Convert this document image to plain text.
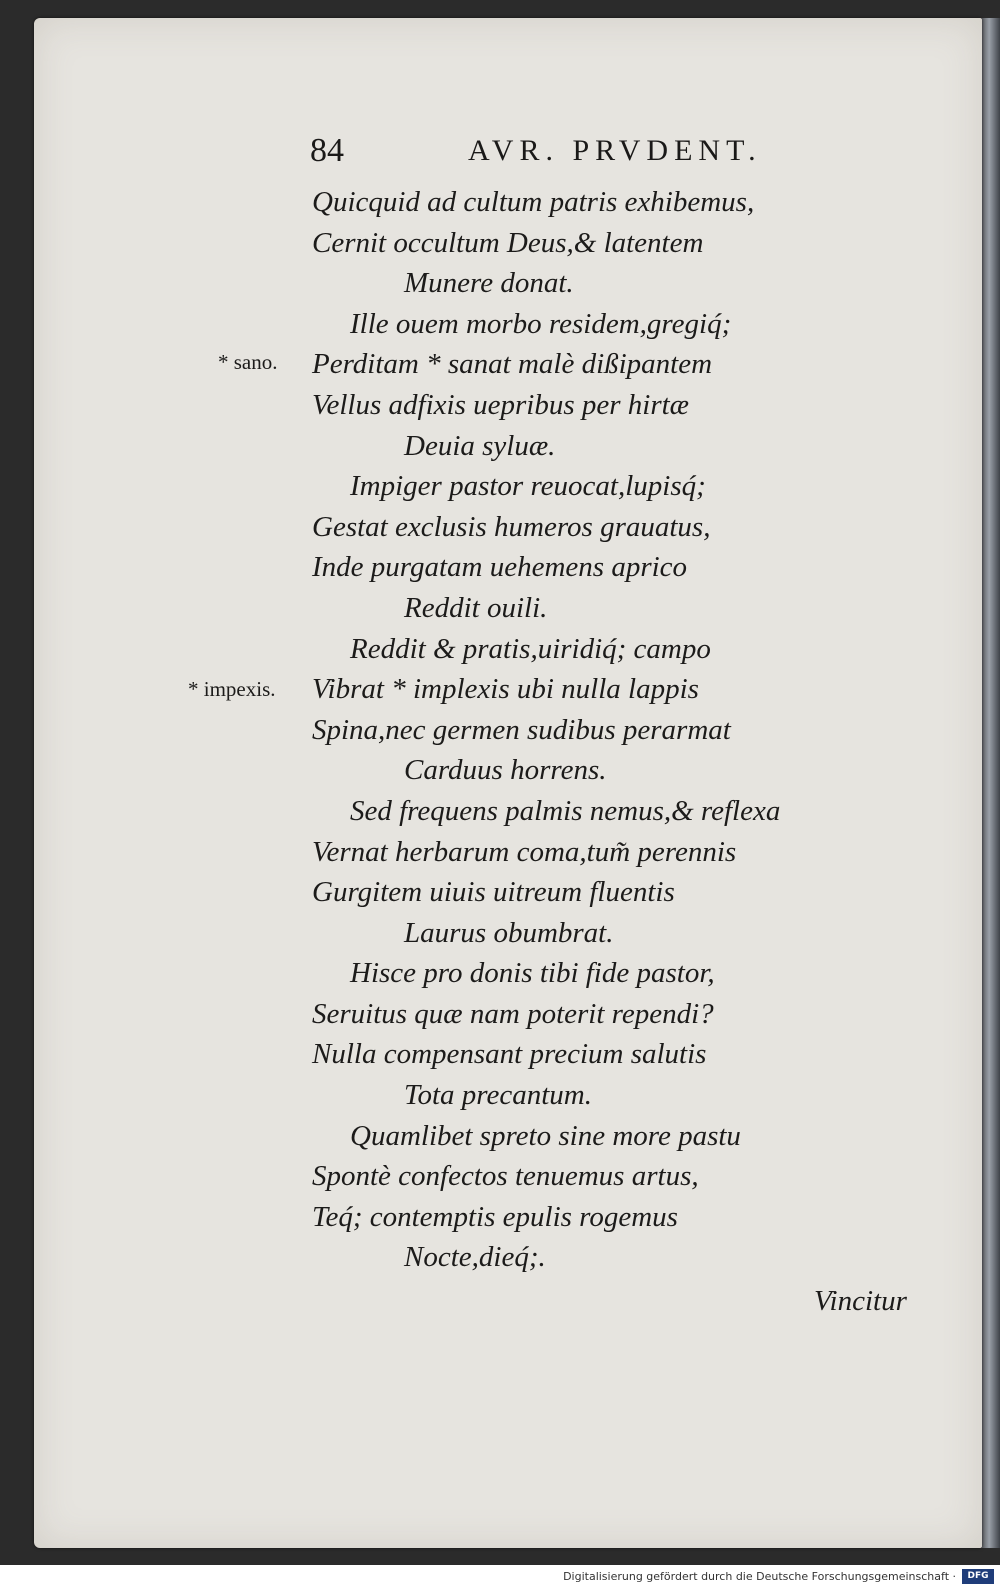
84	AVR. PRVDENT.
Quicquid ad cultum patris exhibemus,
Cernit occultum Deus,& latentem
Munere donat.
Ille ouem morbo residem,gregiq́;
Perditam * sanat malè dißipantem
Vellus adfixis uepribus per hirtæ
Deuia syluæ.
Impiger pastor reuocat,lupisq́;
Gestat exclusis humeros grauatus,
Inde purgatam uehemens aprico
Reddit ouili.
Reddit & pratis,uiridiq́; campo
Vibrat * implexis ubi nulla lappis
Spina,nec germen sudibus perarmat
Carduus horrens.
Sed frequens palmis nemus,& reflexa
Vernat herbarum coma,tum̃ perennis
Gurgitem uiuis uitreum fluentis
Laurus obumbrat.
Hisce pro donis tibi fide pastor,
Seruitus quæ nam poterit rependi?
Nulla compensant precium salutis
Tota precantum.
Quamlibet spreto sine more pastu
Spontè confectos tenuemus artus,
Teq́; contemptis epulis rogemus
Nocte,dieq́;.
* sano.
* impexis.
Vincitur
Digitalisierung gefördert durch die Deutsche Forschungsgemeinschaft ·	DFG
